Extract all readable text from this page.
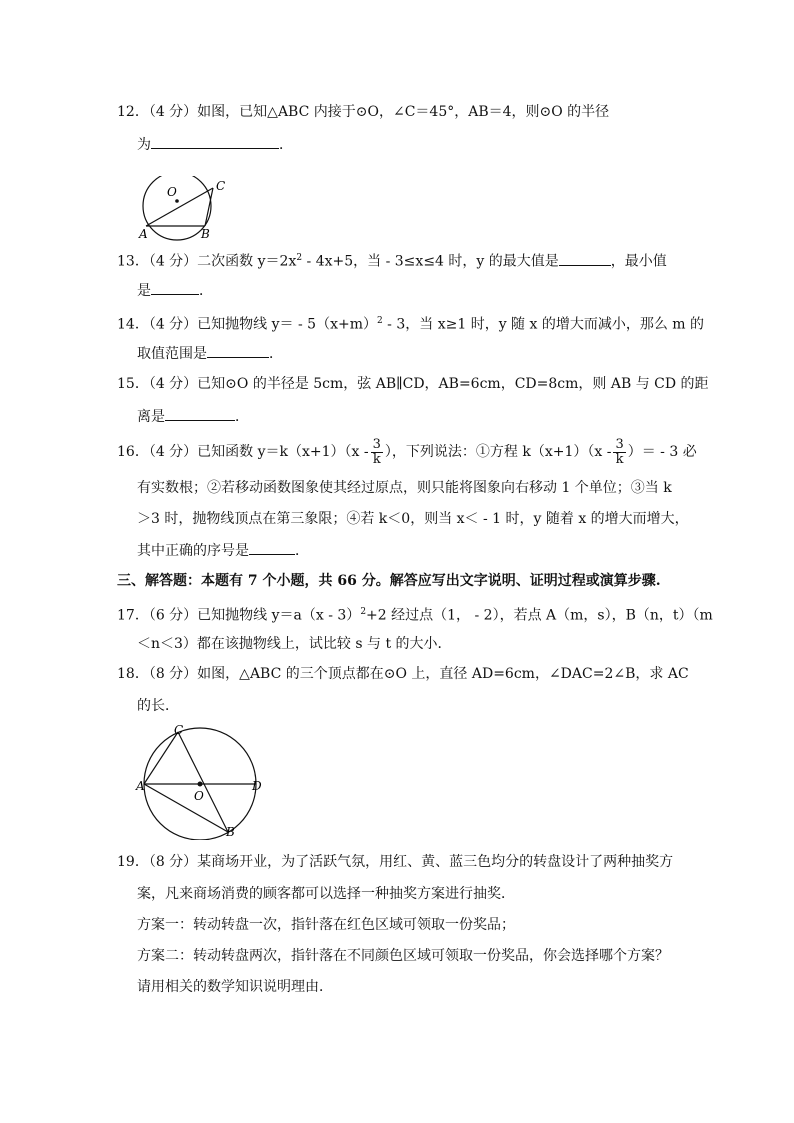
12．（4 分）如图，已知△ABC 内接于⊙O，∠C＝45°，AB＝4，则⊙O 的半径
为	．
O	C
A	B
13．（4 分）二次函数 $y=2x^2 - 4x+5$，当 - 3≤x≤4 时，y 的最大值是	，最小值
是	．
14．（4 分）已知抛物线 $y= - 5(x+m)^2 - 3$，当 x≥1 时，y 随 x 的增大而减小，那么 m 的
取值范围是	．
15．（4 分）已知⊙O 的半径是 5cm，弦 AB∥CD，AB=6cm，CD=8cm，则 AB 与 CD 的距
离是	．
16．（4 分）已知函数 $y=k(x+1)(x - \frac{3}{k}$ ），下列说法：①方程 $k(x+1)(x - \frac{3}{k}$ ）＝ - 3 必
有实数根；②若移动函数图象使其经过原点，则只能将图象向右移动 1 个单位；③当 k
＞3 时，抛物线顶点在第三象限；④若 k＜0，则当 x＜ - 1 时，y 随着 x 的增大而增大，
其中正确的序号是	．
三、解答题：本题有 7 个小题，共 66 分。解答应写出文字说明、证明过程或演算步骤.
17．（6 分）已知抛物线 y＝a（x - 3）$^2$+2 经过点（1， - 2），若点 A（m，s），B（n，t）（m
＜n＜3）都在该抛物线上，试比较 s 与 t 的大小．
18．（8 分）如图，△ABC 的三个顶点都在⊙O 上，直径 AD=6cm，∠DAC=2∠B，求 AC
的长．
C
A
O
D
B
19．（8 分）某商场开业，为了活跃气氛，用红、黄、蓝三色均分的转盘设计了两种抽奖方
案，凡来商场消费的顾客都可以选择一种抽奖方案进行抽奖．
方案一：转动转盘一次，指针落在红色区域可领取一份奖品；
方案二：转动转盘两次，指针落在不同颜色区域可领取一份奖品，你会选择哪个方案？
请用相关的数学知识说明理由．
